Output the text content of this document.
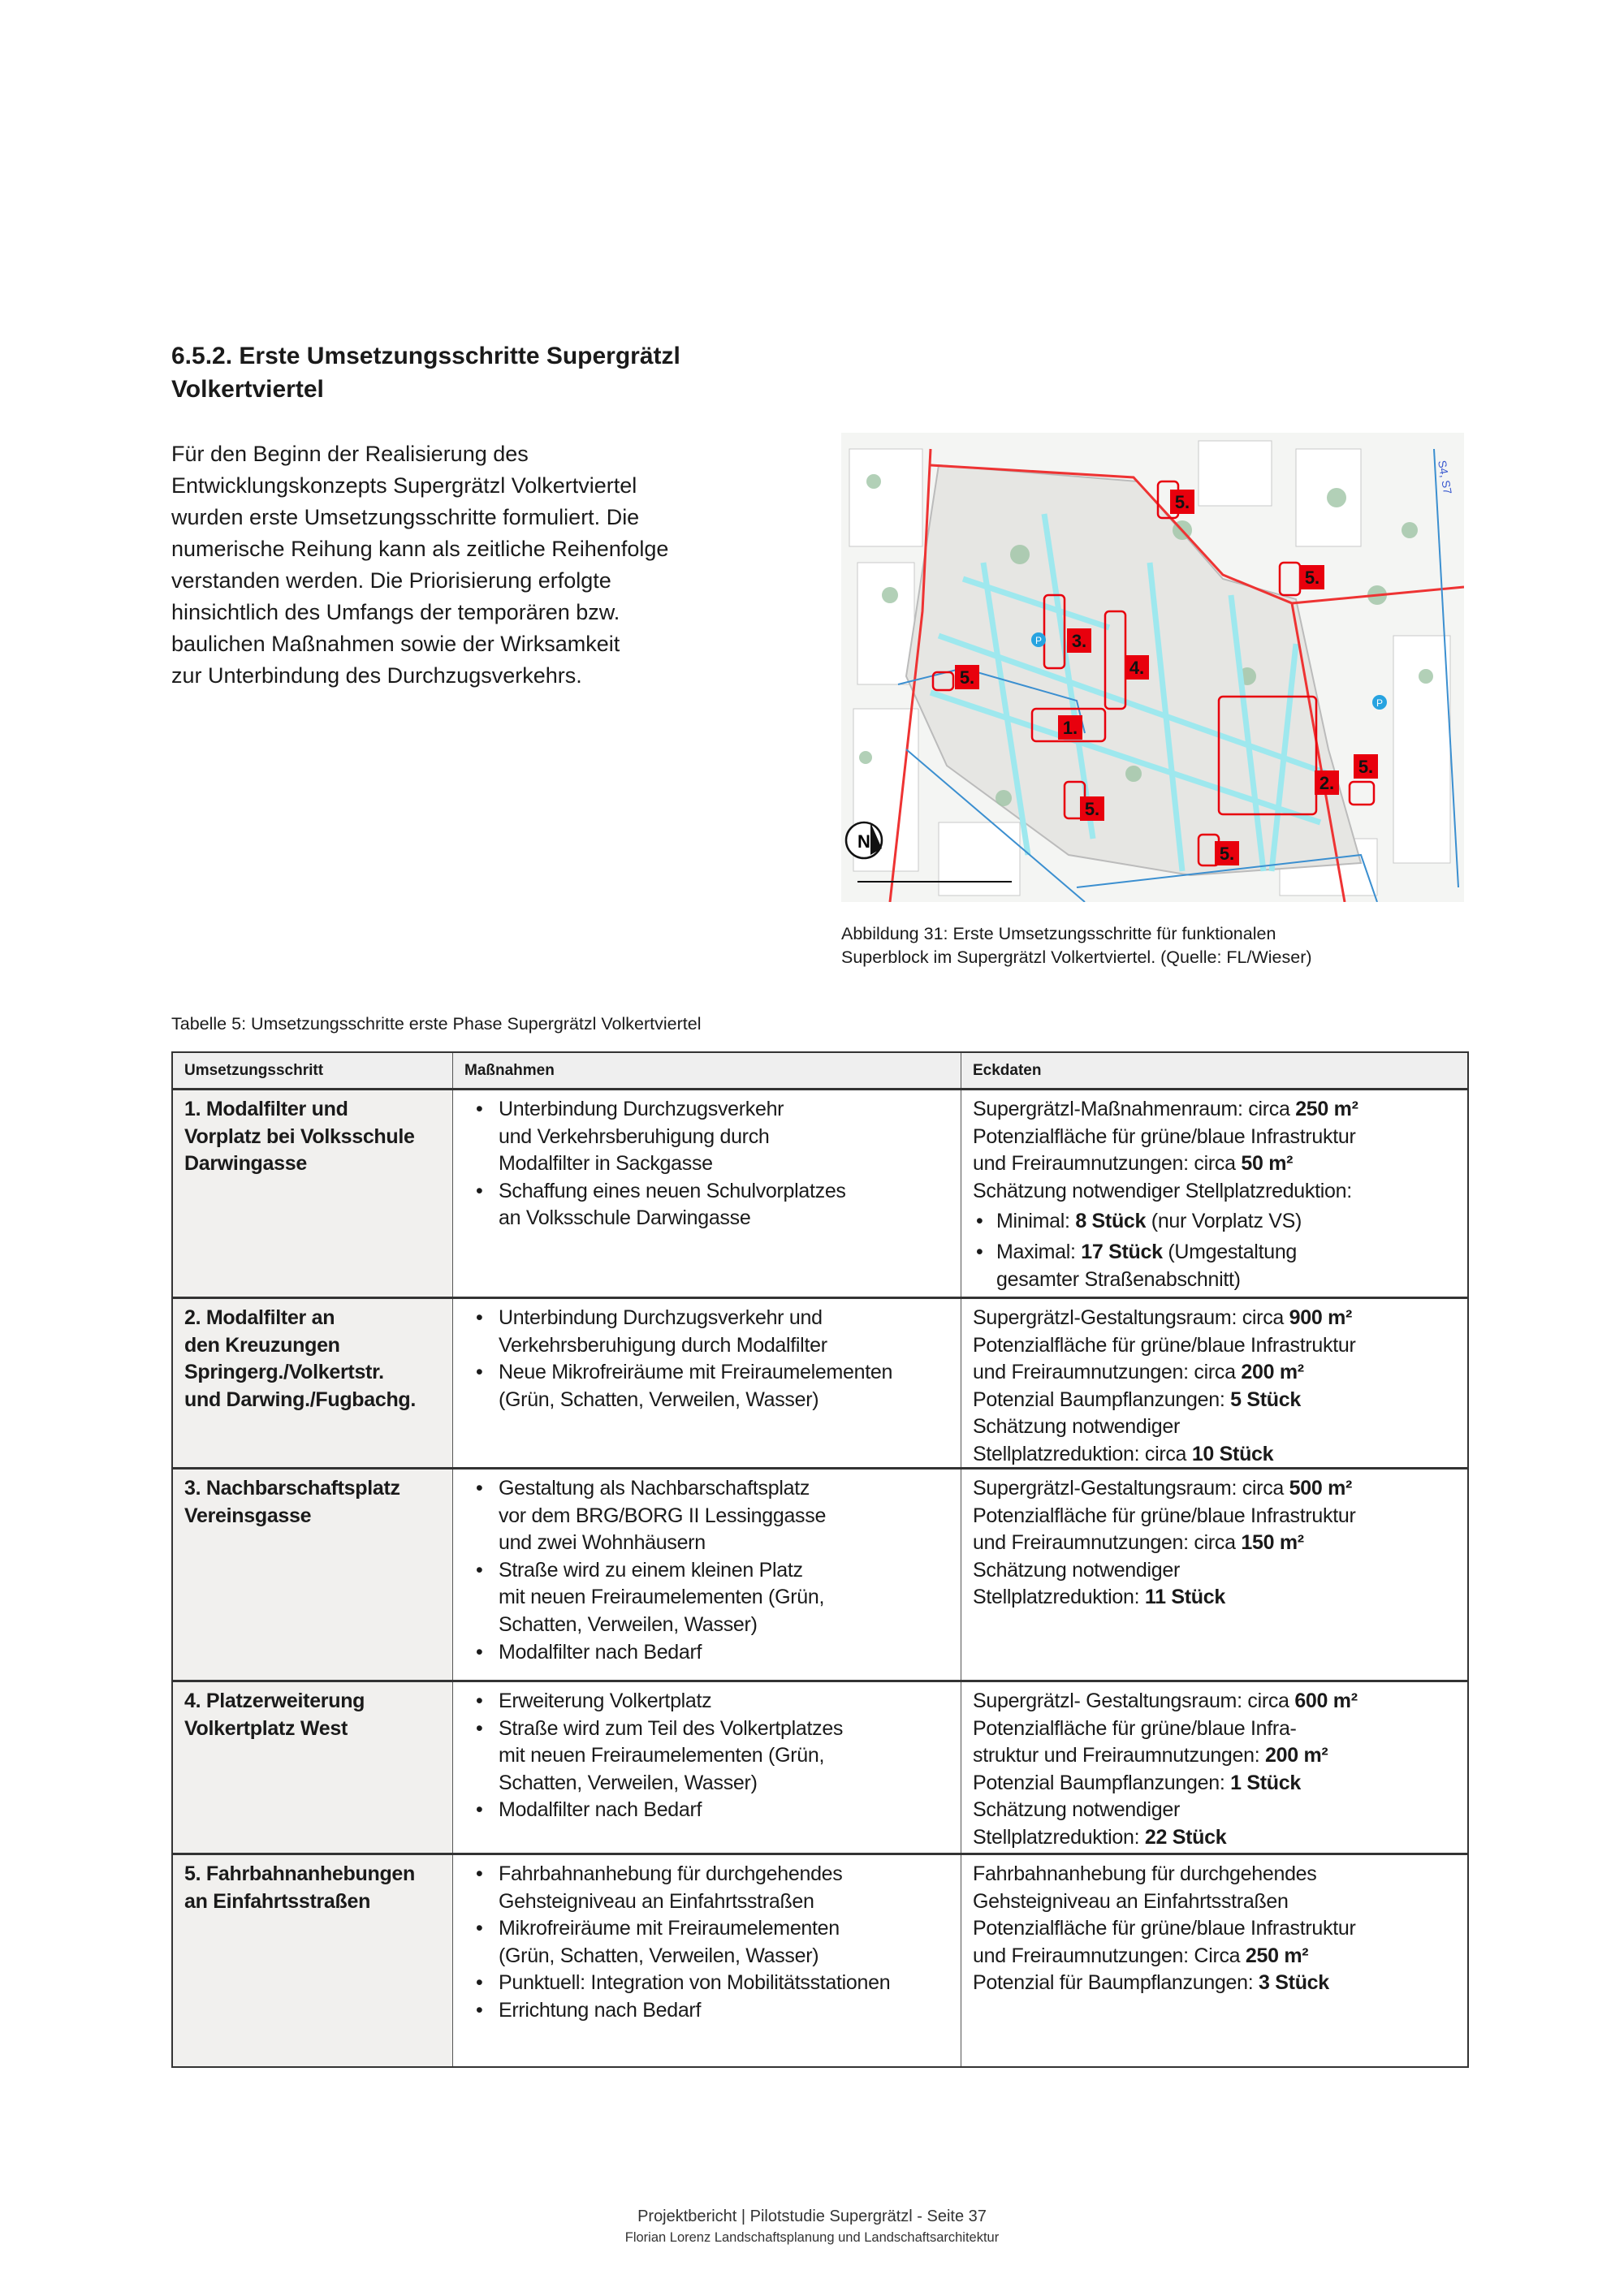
6.5.2. Erste Umsetzungsschritte Supergrätzl
Volkertviertel
Für den Beginn der Realisierung des
Entwicklungskonzepts Supergrätzl Volkertviertel
wurden erste Umsetzungsschritte formuliert. Die
numerische Reihung kann als zeitliche Reihenfolge
verstanden werden. Die Priorisierung erfolgte
hinsichtlich des Umfangs der temporären bzw.
baulichen Maßnahmen sowie der Wirksamkeit
zur Unterbindung des Durchzugsverkehrs.
S4, S7
5.
5.
3.
4.
5.
1.
2.
5.
5.
5.
N
P
P
Abbildung 31: Erste Umsetzungsschritte für funktionalen
Superblock im Supergrätzl Volkertviertel. (Quelle: FL/Wieser)
Tabelle 5: Umsetzungsschritte erste Phase Supergrätzl Volkertviertel
Umsetzungsschritt	Maßnahmen	Eckdaten
1. Modalfilter und
Vorplatz bei Volksschule
Darwingasse
• Unterbindung Durchzugsverkehr
und Verkehrsberuhigung durch
Modalfilter in Sackgasse
• Schaffung eines neuen Schulvorplatzes
an Volksschule Darwingasse
Supergrätzl-Maßnahmenraum: circa 250 m²
Potenzialfläche für grüne/blaue Infrastruktur
und Freiraumnutzungen: circa 50 m²
Schätzung notwendiger Stellplatzreduktion:
• Minimal: 8 Stück (nur Vorplatz VS)
• Maximal: 17 Stück (Umgestaltung
gesamter Straßenabschnitt)
2. Modalfilter an
den Kreuzungen
Springerg./Volkertstr.
und Darwing./Fugbachg.
• Unterbindung Durchzugsverkehr und
Verkehrsberuhigung durch Modalfilter
• Neue Mikrofreiräume mit Freiraumelementen
(Grün, Schatten, Verweilen, Wasser)
Supergrätzl-Gestaltungsraum: circa 900 m²
Potenzialfläche für grüne/blaue Infrastruktur
und Freiraumnutzungen: circa 200 m²
Potenzial Baumpflanzungen: 5 Stück
Schätzung notwendiger
Stellplatzreduktion: circa 10 Stück
3. Nachbarschaftsplatz
Vereinsgasse
• Gestaltung als Nachbarschaftsplatz
vor dem BRG/BORG II Lessinggasse
und zwei Wohnhäusern
• Straße wird zu einem kleinen Platz
mit neuen Freiraumelementen (Grün,
Schatten, Verweilen, Wasser)
• Modalfilter nach Bedarf
Supergrätzl-Gestaltungsraum: circa 500 m²
Potenzialfläche für grüne/blaue Infrastruktur
und Freiraumnutzungen: circa 150 m²
Schätzung notwendiger
Stellplatzreduktion: 11 Stück
4. Platzerweiterung
Volkertplatz West
• Erweiterung Volkertplatz
• Straße wird zum Teil des Volkertplatzes
mit neuen Freiraumelementen (Grün,
Schatten, Verweilen, Wasser)
• Modalfilter nach Bedarf
Supergrätzl- Gestaltungsraum: circa 600 m²
Potenzialfläche für grüne/blaue Infra-
struktur und Freiraumnutzungen: 200 m²
Potenzial Baumpflanzungen: 1 Stück
Schätzung notwendiger
Stellplatzreduktion: 22 Stück
5. Fahrbahnanhebungen
an Einfahrtsstraßen
• Fahrbahnanhebung für durchgehendes
Gehsteigniveau an Einfahrtsstraßen
• Mikrofreiräume mit Freiraumelementen
(Grün, Schatten, Verweilen, Wasser)
• Punktuell: Integration von Mobilitätsstationen
• Errichtung nach Bedarf
Fahrbahnanhebung für durchgehendes
Gehsteigniveau an Einfahrtsstraßen
Potenzialfläche für grüne/blaue Infrastruktur
und Freiraumnutzungen: Circa 250 m²
Potenzial für Baumpflanzungen: 3 Stück
Projektbericht | Pilotstudie Supergrätzl - Seite 37
Florian Lorenz Landschaftsplanung und Landschaftsarchitektur
